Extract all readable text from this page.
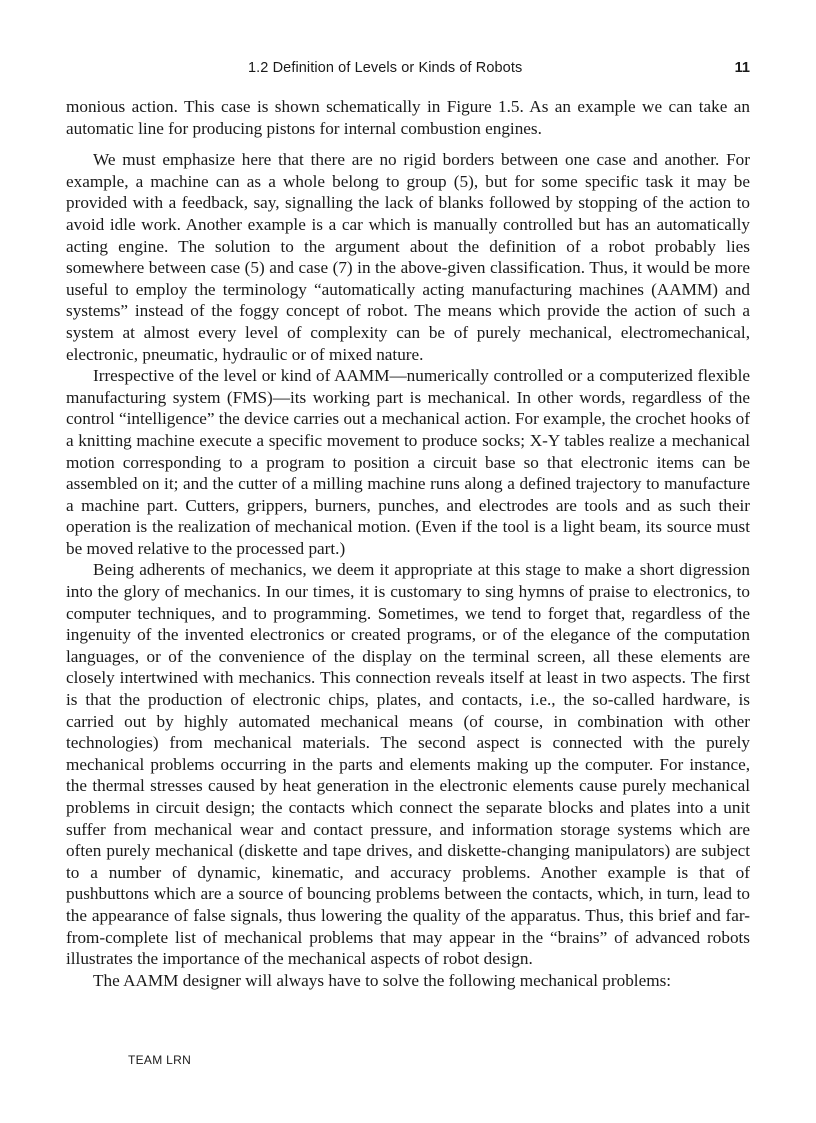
1.2 Definition of Levels or Kinds of Robots	11

monious action. This case is shown schematically in Figure 1.5. As an example we can take an automatic line for producing pistons for internal combustion engines.

We must emphasize here that there are no rigid borders between one case and another. For example, a machine can as a whole belong to group (5), but for some specific task it may be provided with a feedback, say, signalling the lack of blanks followed by stopping of the action to avoid idle work. Another example is a car which is manually controlled but has an automatically acting engine. The solution to the argument about the definition of a robot probably lies somewhere between case (5) and case (7) in the above-given classification. Thus, it would be more useful to employ the terminology “automatically acting manufacturing machines (AAMM) and systems” instead of the foggy concept of robot. The means which provide the action of such a system at almost every level of complexity can be of purely mechanical, electromechanical, electronic, pneumatic, hydraulic or of mixed nature.

Irrespective of the level or kind of AAMM—numerically controlled or a computerized flexible manufacturing system (FMS)—its working part is mechanical. In other words, regardless of the control “intelligence” the device carries out a mechanical action. For example, the crochet hooks of a knitting machine execute a specific movement to produce socks; X-Y tables realize a mechanical motion corresponding to a program to position a circuit base so that electronic items can be assembled on it; and the cutter of a milling machine runs along a defined trajectory to manufacture a machine part. Cutters, grippers, burners, punches, and electrodes are tools and as such their operation is the realization of mechanical motion. (Even if the tool is a light beam, its source must be moved relative to the processed part.)

Being adherents of mechanics, we deem it appropriate at this stage to make a short digression into the glory of mechanics. In our times, it is customary to sing hymns of praise to electronics, to computer techniques, and to programming. Sometimes, we tend to forget that, regardless of the ingenuity of the invented electronics or created programs, or of the elegance of the computation languages, or of the convenience of the display on the terminal screen, all these elements are closely intertwined with mechanics. This connection reveals itself at least in two aspects. The first is that the production of electronic chips, plates, and contacts, i.e., the so-called hardware, is carried out by highly automated mechanical means (of course, in combination with other technologies) from mechanical materials. The second aspect is connected with the purely mechanical problems occurring in the parts and elements making up the computer. For instance, the thermal stresses caused by heat generation in the electronic elements cause purely mechanical problems in circuit design; the contacts which connect the separate blocks and plates into a unit suffer from mechanical wear and contact pressure, and information storage systems which are often purely mechanical (diskette and tape drives, and diskette-changing manipulators) are subject to a number of dynamic, kinematic, and accuracy problems. Another example is that of pushbuttons which are a source of bouncing problems between the contacts, which, in turn, lead to the appearance of false signals, thus lowering the quality of the apparatus. Thus, this brief and far-from-complete list of mechanical problems that may appear in the “brains” of advanced robots illustrates the importance of the mechanical aspects of robot design.

The AAMM designer will always have to solve the following mechanical problems:

TEAM LRN
